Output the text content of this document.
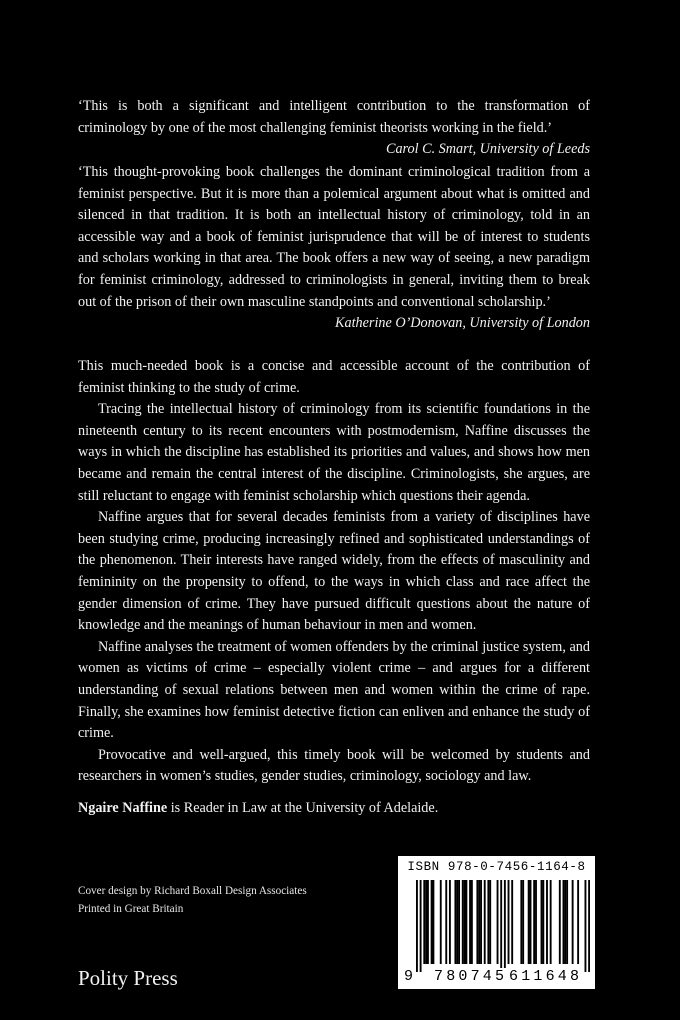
‘This is both a significant and intelligent contribution to the transformation of criminology by one of the most challenging feminist theorists working in the field.’

Carol C. Smart, University of Leeds

‘This thought-provoking book challenges the dominant criminological tradition from a feminist perspective. But it is more than a polemical argument about what is omitted and silenced in that tradition. It is both an intellectual history of criminology, told in an accessible way and a book of feminist jurisprudence that will be of interest to students and scholars working in that area. The book offers a new way of seeing, a new paradigm for feminist criminology, addressed to criminologists in general, inviting them to break out of the prison of their own masculine standpoints and conventional scholarship.’

Katherine O’Donovan, University of London

This much-needed book is a concise and accessible account of the contribution of feminist thinking to the study of crime.

Tracing the intellectual history of criminology from its scientific foundations in the nineteenth century to its recent encounters with postmodernism, Naffine discusses the ways in which the discipline has established its priorities and values, and shows how men became and remain the central interest of the discipline. Criminologists, she argues, are still reluctant to engage with feminist scholarship which questions their agenda.

Naffine argues that for several decades feminists from a variety of disciplines have been studying crime, producing increasingly refined and sophisticated understandings of the phenomenon. Their interests have ranged widely, from the effects of masculinity and femininity on the propensity to offend, to the ways in which class and race affect the gender dimension of crime. They have pursued difficult questions about the nature of knowledge and the meanings of human behaviour in men and women.

Naffine analyses the treatment of women offenders by the criminal justice system, and women as victims of crime – especially violent crime – and argues for a different understanding of sexual relations between men and women within the crime of rape. Finally, she examines how feminist detective fiction can enliven and enhance the study of crime.

Provocative and well-argued, this timely book will be welcomed by students and researchers in women’s studies, gender studies, criminology, sociology and law.

Ngaire Naffine is Reader in Law at the University of Adelaide.

Cover design by Richard Boxall Design Associates
Printed in Great Britain
Polity Press
ISBN 978-0-7456-1164-8
9 780745 611648
